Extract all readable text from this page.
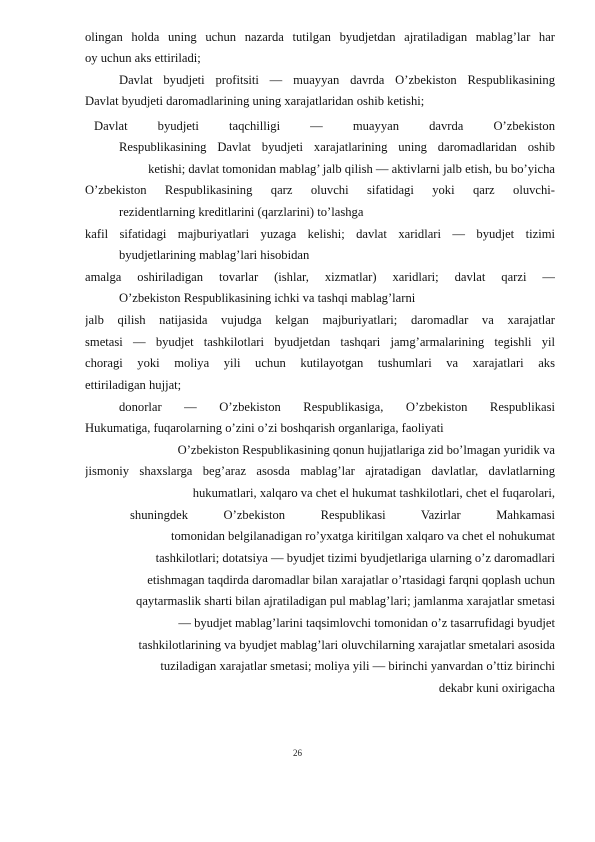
olingan holda uning uchun nazarda tutilgan byudjetdan ajratiladigan mablag’lar har
oy uchun aks ettiriladi;
Davlat byudjeti profitsiti — muayyan davrda O’zbekiston Respublikasining
Davlat byudjeti daromadlarining uning xarajatlaridan oshib ketishi;
Davlat byudjeti taqchilligi — muayyan davrda O’zbekiston
Respublikasining Davlat byudjeti xarajatlarining uning daromadlaridan oshib
ketishi; davlat tomonidan mablag’ jalb qilish — aktivlarni jalb etish, bu bo’yicha
O’zbekiston Respublikasining qarz oluvchi sifatidagi yoki qarz oluvchi-
rezidentlarning kreditlarini (qarzlarini) to’lashga
kafil sifatidagi majburiyatlari yuzaga kelishi; davlat xaridlari — byudjet tizimi
byudjetlarining mablag’lari hisobidan
amalga oshiriladigan tovarlar (ishlar, xizmatlar) xaridlari; davlat qarzi —
O’zbekiston Respublikasining ichki va tashqi mablag’larni
jalb qilish natijasida vujudga kelgan majburiyatlari; daromadlar va xarajatlar
smetasi — byudjet tashkilotlari byudjetdan tashqari jamg’armalarining tegishli yil
choragi yoki moliya yili uchun kutilayotgan tushumlari va xarajatlari aks
ettiriladigan hujjat;
donorlar — O’zbekiston Respublikasiga, O’zbekiston Respublikasi
Hukumatiga, fuqarolarning o’zini o’zi boshqarish organlariga, faoliyati
O’zbekiston Respublikasining qonun hujjatlariga zid bo’lmagan yuridik va
jismoniy shaxslarga beg’araz asosda mablag’lar ajratadigan davlatlar, davlatlarning
hukumatlari, xalqaro va chet el hukumat tashkilotlari, chet el fuqarolari,
shuningdek O’zbekiston Respublikasi Vazirlar Mahkamasi
tomonidan belgilanadigan ro’yxatga kiritilgan xalqaro va chet el nohukumat
tashkilotlari; dotatsiya — byudjet tizimi byudjetlariga ularning o’z daromadlari
etishmagan taqdirda daromadlar bilan xarajatlar o’rtasidagi farqni qoplash uchun
qaytarmaslik sharti bilan ajratiladigan pul mablag’lari; jamlanma xarajatlar smetasi
— byudjet mablag’larini taqsimlovchi tomonidan o’z tasarrufidagi byudjet
tashkilotlarining va byudjet mablag’lari oluvchilarning xarajatlar smetalari asosida
tuziladigan xarajatlar smetasi; moliya yili — birinchi yanvardan o’ttiz birinchi
dekabr kuni oxirigacha
26
